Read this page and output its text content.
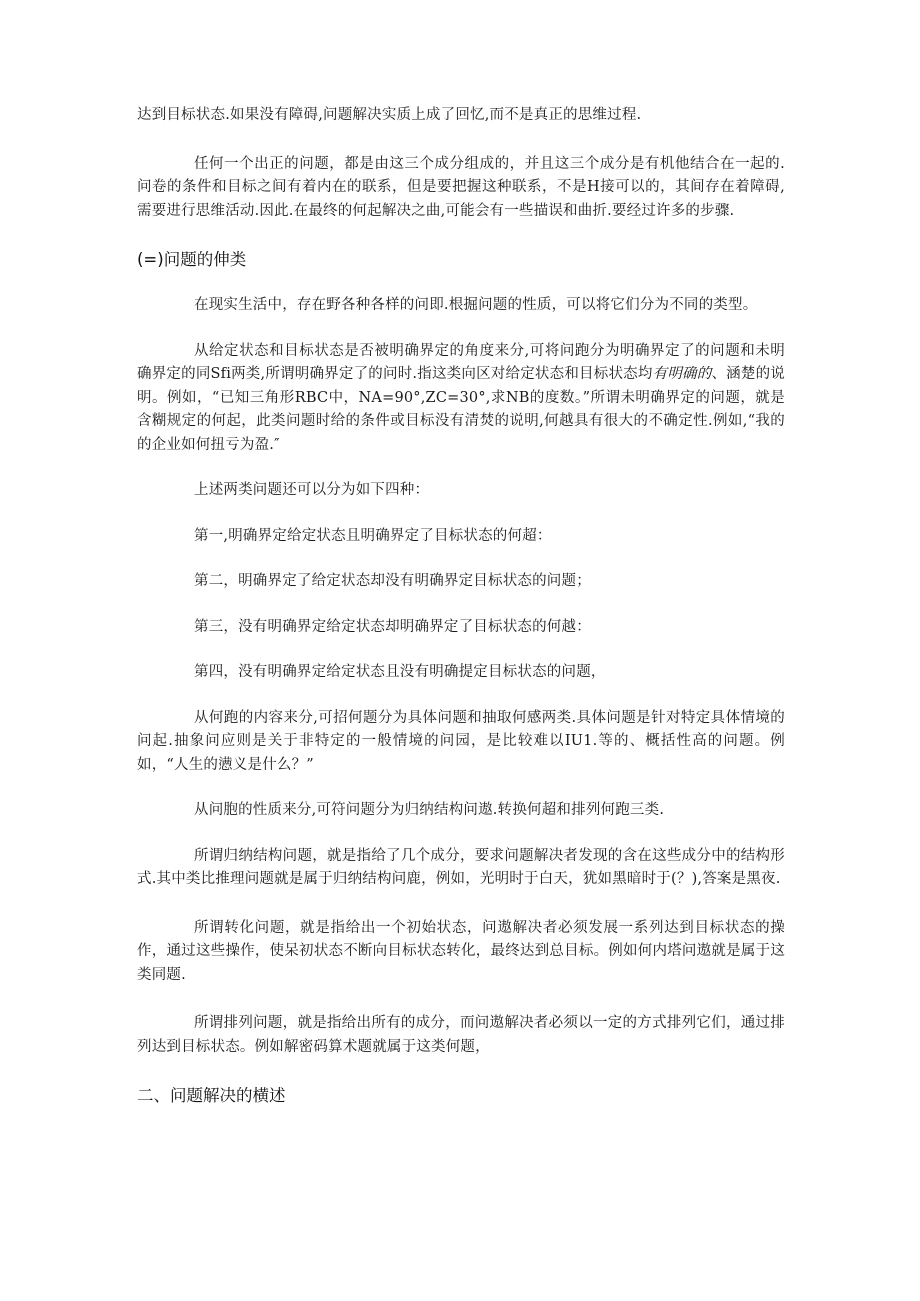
达到目标状态.如果没有障碍,问题解决实质上成了回忆,而不是真正的思维过程.

任何一个出正的问题，都是由这三个成分组成的，并且这三个成分是有机他结合在一起的.问卷的条件和目标之间有着内在的联系，但是要把握这种联系，不是H接可以的，其间存在着障碍,需要进行思维活动.因此.在最终的何起解决之曲,可能会有一些描误和曲折.要经过许多的步骤.

(=)问题的伸类

在现实生活中，存在野各种各样的问即.根掘问题的性质，可以将它们分为不同的类型。

从给定状态和目标状态是否被明确界定的角度来分,可将问跑分为明确界定了的问题和未明确界定的同Sfi两类,所谓明确界定了的问时.指这类向区对给定状态和目标状态均有明确的、涵楚的说明。例如，“已知三角形RBC中，NA=90°,ZC=30°,求NB的度数。”所谓未明确界定的问题，就是含糊规定的何起，此类问题时给的条件或目标没有清焚的说明,何越具有很大的不确定性.例如,“我的的企业如何扭亏为盈.″

上述两类问题还可以分为如下四种：

第一,明确界定给定状态且明确界定了目标状态的何超：

第二，明确界定了给定状态却没有明确界定目标状态的问题；

第三，没有明确界定给定状态却明确界定了目标状态的何越：

第四，没有明确界定给定状态且没有明确提定目标状态的问题，

从何跑的内容来分,可招何题分为具体问题和抽取何感两类.具体问题是针对特定具体情境的问起.抽象问应则是关于非特定的一般情境的问园，是比较难以IU1.等的、概括性高的问题。例如，“人生的懑义是什么？”

从问胞的性质来分,可符问题分为归纳结构问遨.转换何超和排列何跑三类.

所谓归纳结构问题，就是指给了几个成分，要求问题解决者发现的含在这些成分中的结构形式.其中类比推理问题就是属于归纳结构问鹿，例如，光明时于白天，犹如黑暗时于(？),答案是黑夜.

所谓转化问题，就是指给出一个初始状态，问遨解决者必须发展一系列达到目标状态的操作，通过这些操作，使呆初状态不断向目标状态转化，最终达到总目标。例如何内塔问遨就是属于这类同题.

所谓排列问题，就是指给出所有的成分，而问遨解决者必须以一定的方式排列它们，通过排列达到目标状态。例如解密码算术题就属于这类何题，

二、问题解决的横述
